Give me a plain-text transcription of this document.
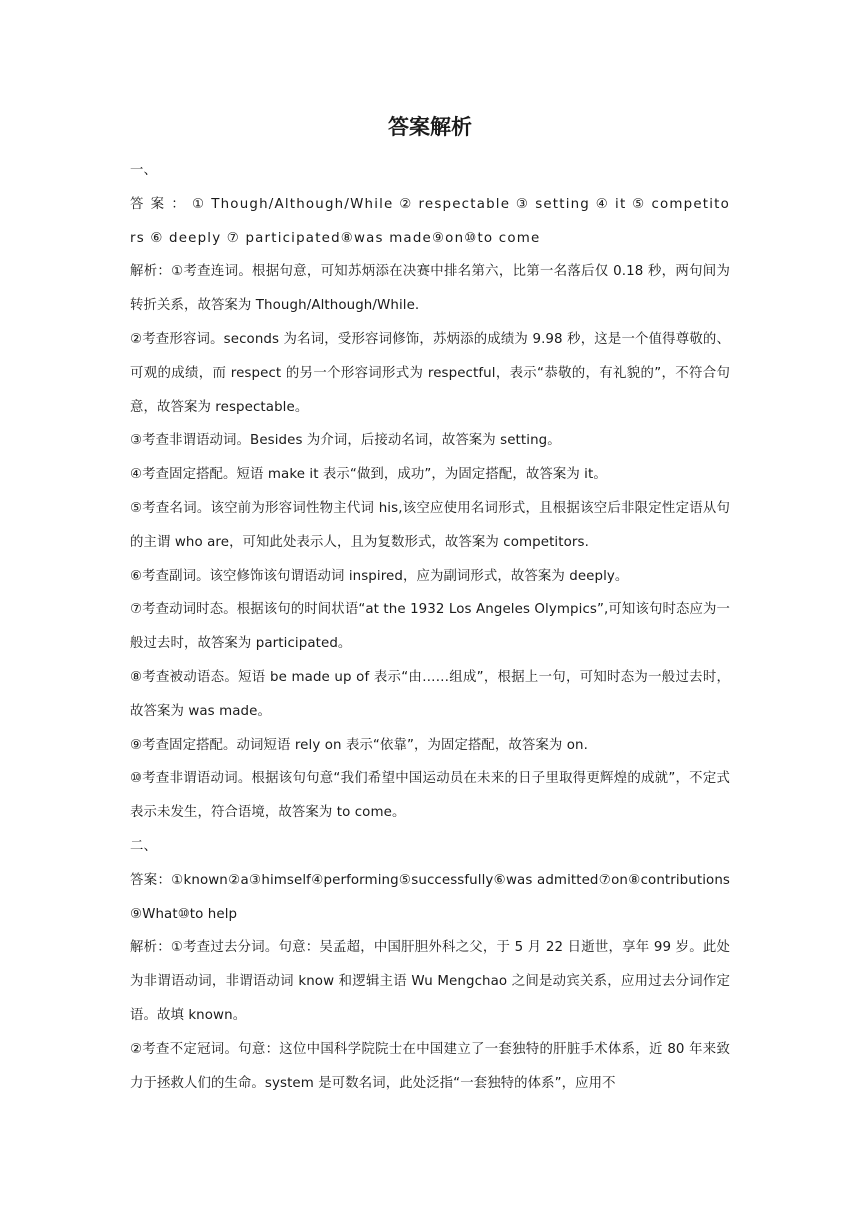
答案解析

一、

答 案 ： ① Though/Although/While ② respectable ③ setting ④ it ⑤ competitors ⑥ deeply ⑦ participated⑧was made⑨on⑩to come

解析：①考查连词。根据句意，可知苏炳添在决赛中排名第六，比第一名落后仅 0.18 秒，两句间为转折关系，故答案为 Though/Although/While.

②考查形容词。seconds 为名词，受形容词修饰，苏炳添的成绩为 9.98 秒，这是一个值得尊敬的、可观的成绩，而 respect 的另一个形容词形式为 respectful，表示“恭敬的，有礼貌的”，不符合句意，故答案为 respectable。

③考查非谓语动词。Besides 为介词，后接动名词，故答案为 setting。

④考查固定搭配。短语 make it 表示“做到，成功”，为固定搭配，故答案为 it。

⑤考查名词。该空前为形容词性物主代词 his,该空应使用名词形式，且根据该空后非限定性定语从句的主谓 who are，可知此处表示人，且为复数形式，故答案为 competitors.

⑥考查副词。该空修饰该句谓语动词 inspired，应为副词形式，故答案为 deeply。

⑦考查动词时态。根据该句的时间状语“at the 1932 Los Angeles Olympics”,可知该句时态应为一般过去时，故答案为 participated。

⑧考查被动语态。短语 be made up of 表示“由……组成”，根据上一句，可知时态为一般过去时，故答案为 was made。

⑨考查固定搭配。动词短语 rely on 表示“依靠”，为固定搭配，故答案为 on.

⑩考查非谓语动词。根据该句句意“我们希望中国运动员在未来的日子里取得更辉煌的成就”，不定式表示未发生，符合语境，故答案为 to come。

二、

答案：①known②a③himself④performing⑤successfully⑥was admitted⑦on⑧contributions⑨What⑩to help

解析：①考查过去分词。句意：吴孟超，中国肝胆外科之父，于 5 月 22 日逝世，享年 99 岁。此处为非谓语动词，非谓语动词 know 和逻辑主语 Wu Mengchao 之间是动宾关系，应用过去分词作定语。故填 known。

②考查不定冠词。句意：这位中国科学院院士在中国建立了一套独特的肝脏手术体系，近 80 年来致力于拯救人们的生命。system 是可数名词，此处泛指“一套独特的体系”，应用不
